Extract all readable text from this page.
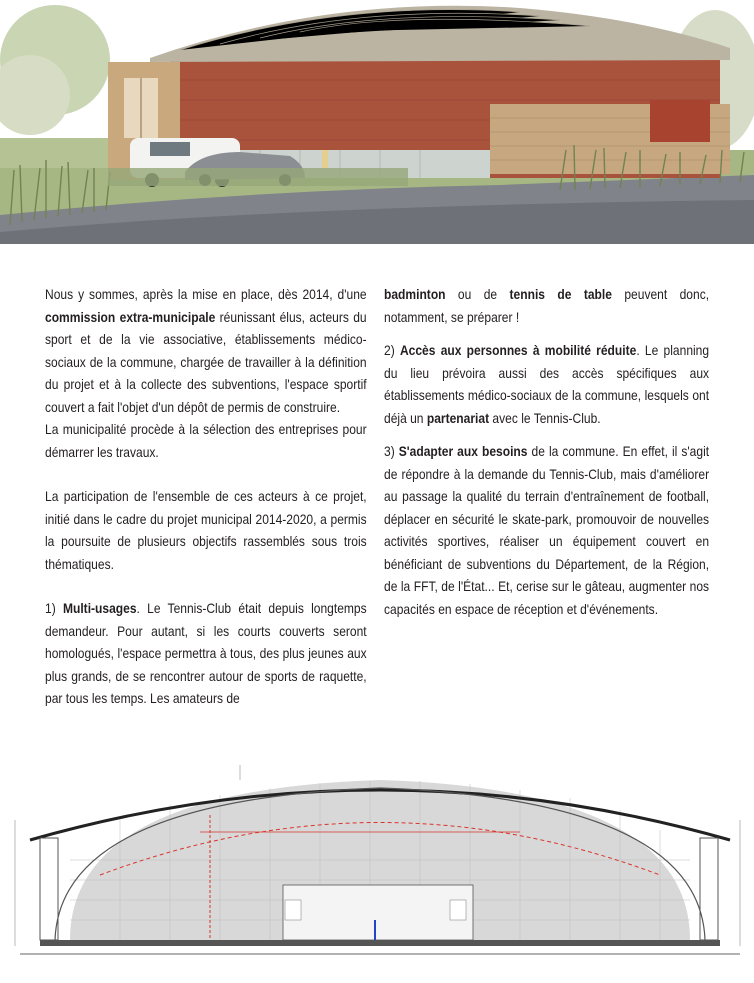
Nous y sommes, après la mise en place, dès 2014, d'une commission extra-municipale réunissant élus, acteurs du sport et de la vie associative, établissements médico-sociaux de la commune, chargée de travailler à la définition du projet et à la collecte des subventions, l'espace sportif couvert a fait l'objet d'un dépôt de permis de construire.

La municipalité procède à la sélection des entreprises pour démarrer les travaux.

La participation de l'ensemble de ces acteurs à ce projet, initié dans le cadre du projet municipal 2014-2020, a permis la poursuite de plusieurs objectifs rassemblés sous trois thématiques.

1) Multi-usages. Le Tennis-Club était depuis longtemps demandeur. Pour autant, si les courts couverts seront homologués, l'espace permettra à tous, des plus jeunes aux plus grands, de se rencontrer autour de sports de raquette, par tous les temps. Les amateurs de

badminton ou de tennis de table peuvent donc, notamment, se préparer !

2) Accès aux personnes à mobilité réduite. Le planning du lieu prévoira aussi des accès spécifiques aux établissements médico-sociaux de la commune, lesquels ont déjà un partenariat avec le Tennis-Club.

3) S'adapter aux besoins de la commune. En effet, il s'agit de répondre à la demande du Tennis-Club, mais d'améliorer au passage la qualité du terrain d'entraînement de football, déplacer en sécurité le skate-park, promouvoir de nouvelles activités sportives, réaliser un équipement couvert en bénéficiant de subventions du Département, de la Région, de la FFT, de l'État... Et, cerise sur le gâteau, augmenter nos capacités en espace de réception et d'événements.
